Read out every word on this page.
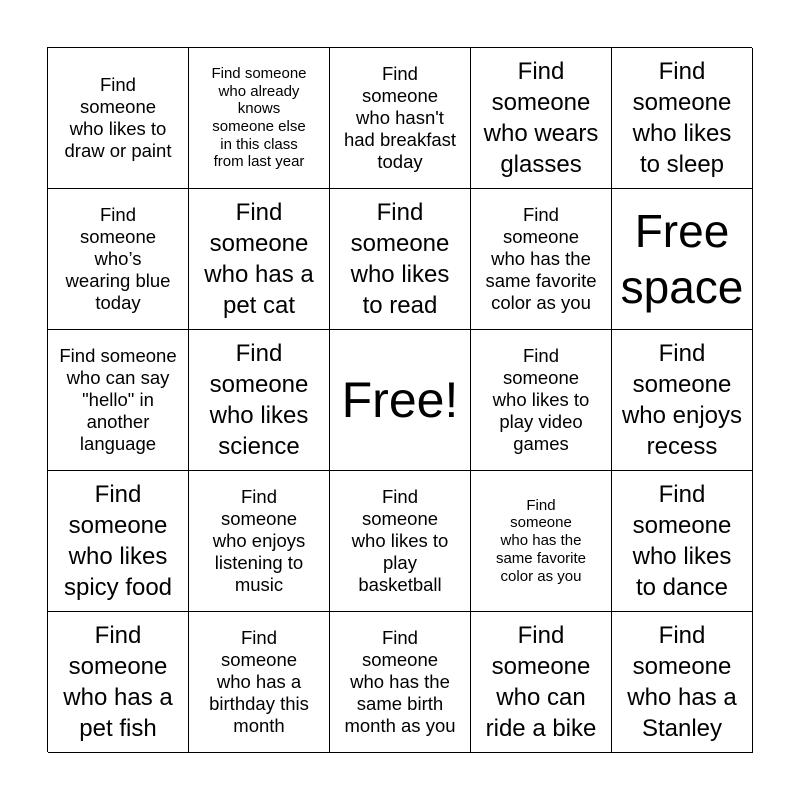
Find
someone
who likes to
draw or paint
Find someone
who already
knows
someone else
in this class
from last year
Find
someone
who hasn't
had breakfast
today
Find
someone
who wears
glasses
Find
someone
who likes
to sleep
Find
someone
who’s
wearing blue
today
Find
someone
who has a
pet cat
Find
someone
who likes
to read
Find
someone
who has the
same favorite
color as you
Free
space
Find someone
who can say
"hello" in
another
language
Find
someone
who likes
science
Free!
Find
someone
who likes to
play video
games
Find
someone
who enjoys
recess
Find
someone
who likes
spicy food
Find
someone
who enjoys
listening to
music
Find
someone
who likes to
play
basketball
Find
someone
who has the
same favorite
color as you
Find
someone
who likes
to dance
Find
someone
who has a
pet fish
Find
someone
who has a
birthday this
month
Find
someone
who has the
same birth
month as you
Find
someone
who can
ride a bike
Find
someone
who has a
Stanley
